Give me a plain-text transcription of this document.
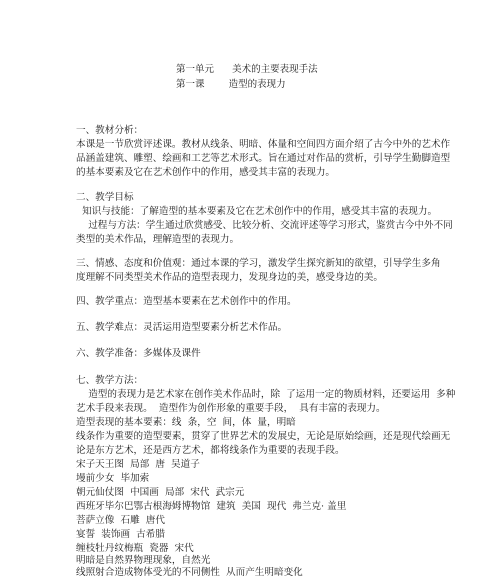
第一单元      美术的主要表现手法
第一课        造型的表现力
一、教材分析：
本课是一节欣赏评述课。教材从线条、明暗、体量和空间四方面介绍了古今中外的艺术作
品涵盖建筑、雕塑、绘画和工艺等艺术形式。旨在通过对作品的赏析，引导学生勤脚造型
的基本要素及它在艺术创作中的作用，感受其丰富的表现力。
二、教学目标
知识与技能：了解造型的基本要素及它在艺术创作中的作用，感受其丰富的表现力。
过程与方法：学生通过欣赏感受、比较分析、交流评述等学习形式，鉴赏古今中外不同
类型的美术作品，理解造型的表现力。
三、情感、态度和价值观：通过本课的学习，激发学生探究新知的欲望，引导学生多角
度理解不同类型美术作品的造型表现力，发现身边的美，感受身边的美。
四、教学重点：造型基本要素在艺术创作中的作用。
五、教学难点：灵活运用造型要素分析艺术作品。
六、教学准备：多媒体及课件
七、教学方法：
造型的表现力是艺术家在创作美术作品时，除  了运用一定的物质材料，还要运用  多种
艺术手段来表现。  造型作为创作形象的重要手段，  具有丰富的表现力。
造型表现的基本要素：线  条，空  间，体  量，明暗
线条作为重要的造型要素，贯穿了世界艺术的发展史，无论是原始绘画，还是现代绘画无
论是东方艺术，还是西方艺术，都将线条作为重要的表现手段。
宋子天王图  局部  唐  吴道子
墁前少女  毕加索
朝元仙仗图  中国画  局部  宋代  武宗元
西班牙毕尔巴鄂古根海姆博物馆  建筑  美国  现代  弗兰克· 盖里
菩萨立像  石雕  唐代
宴誓  装饰画  古希腊
缠枝牡丹纹梅瓶  瓷器  宋代
明暗是自然界物理现象，自然光
线照射合造成物体受光的不同侧性  从而产生明暗变化
